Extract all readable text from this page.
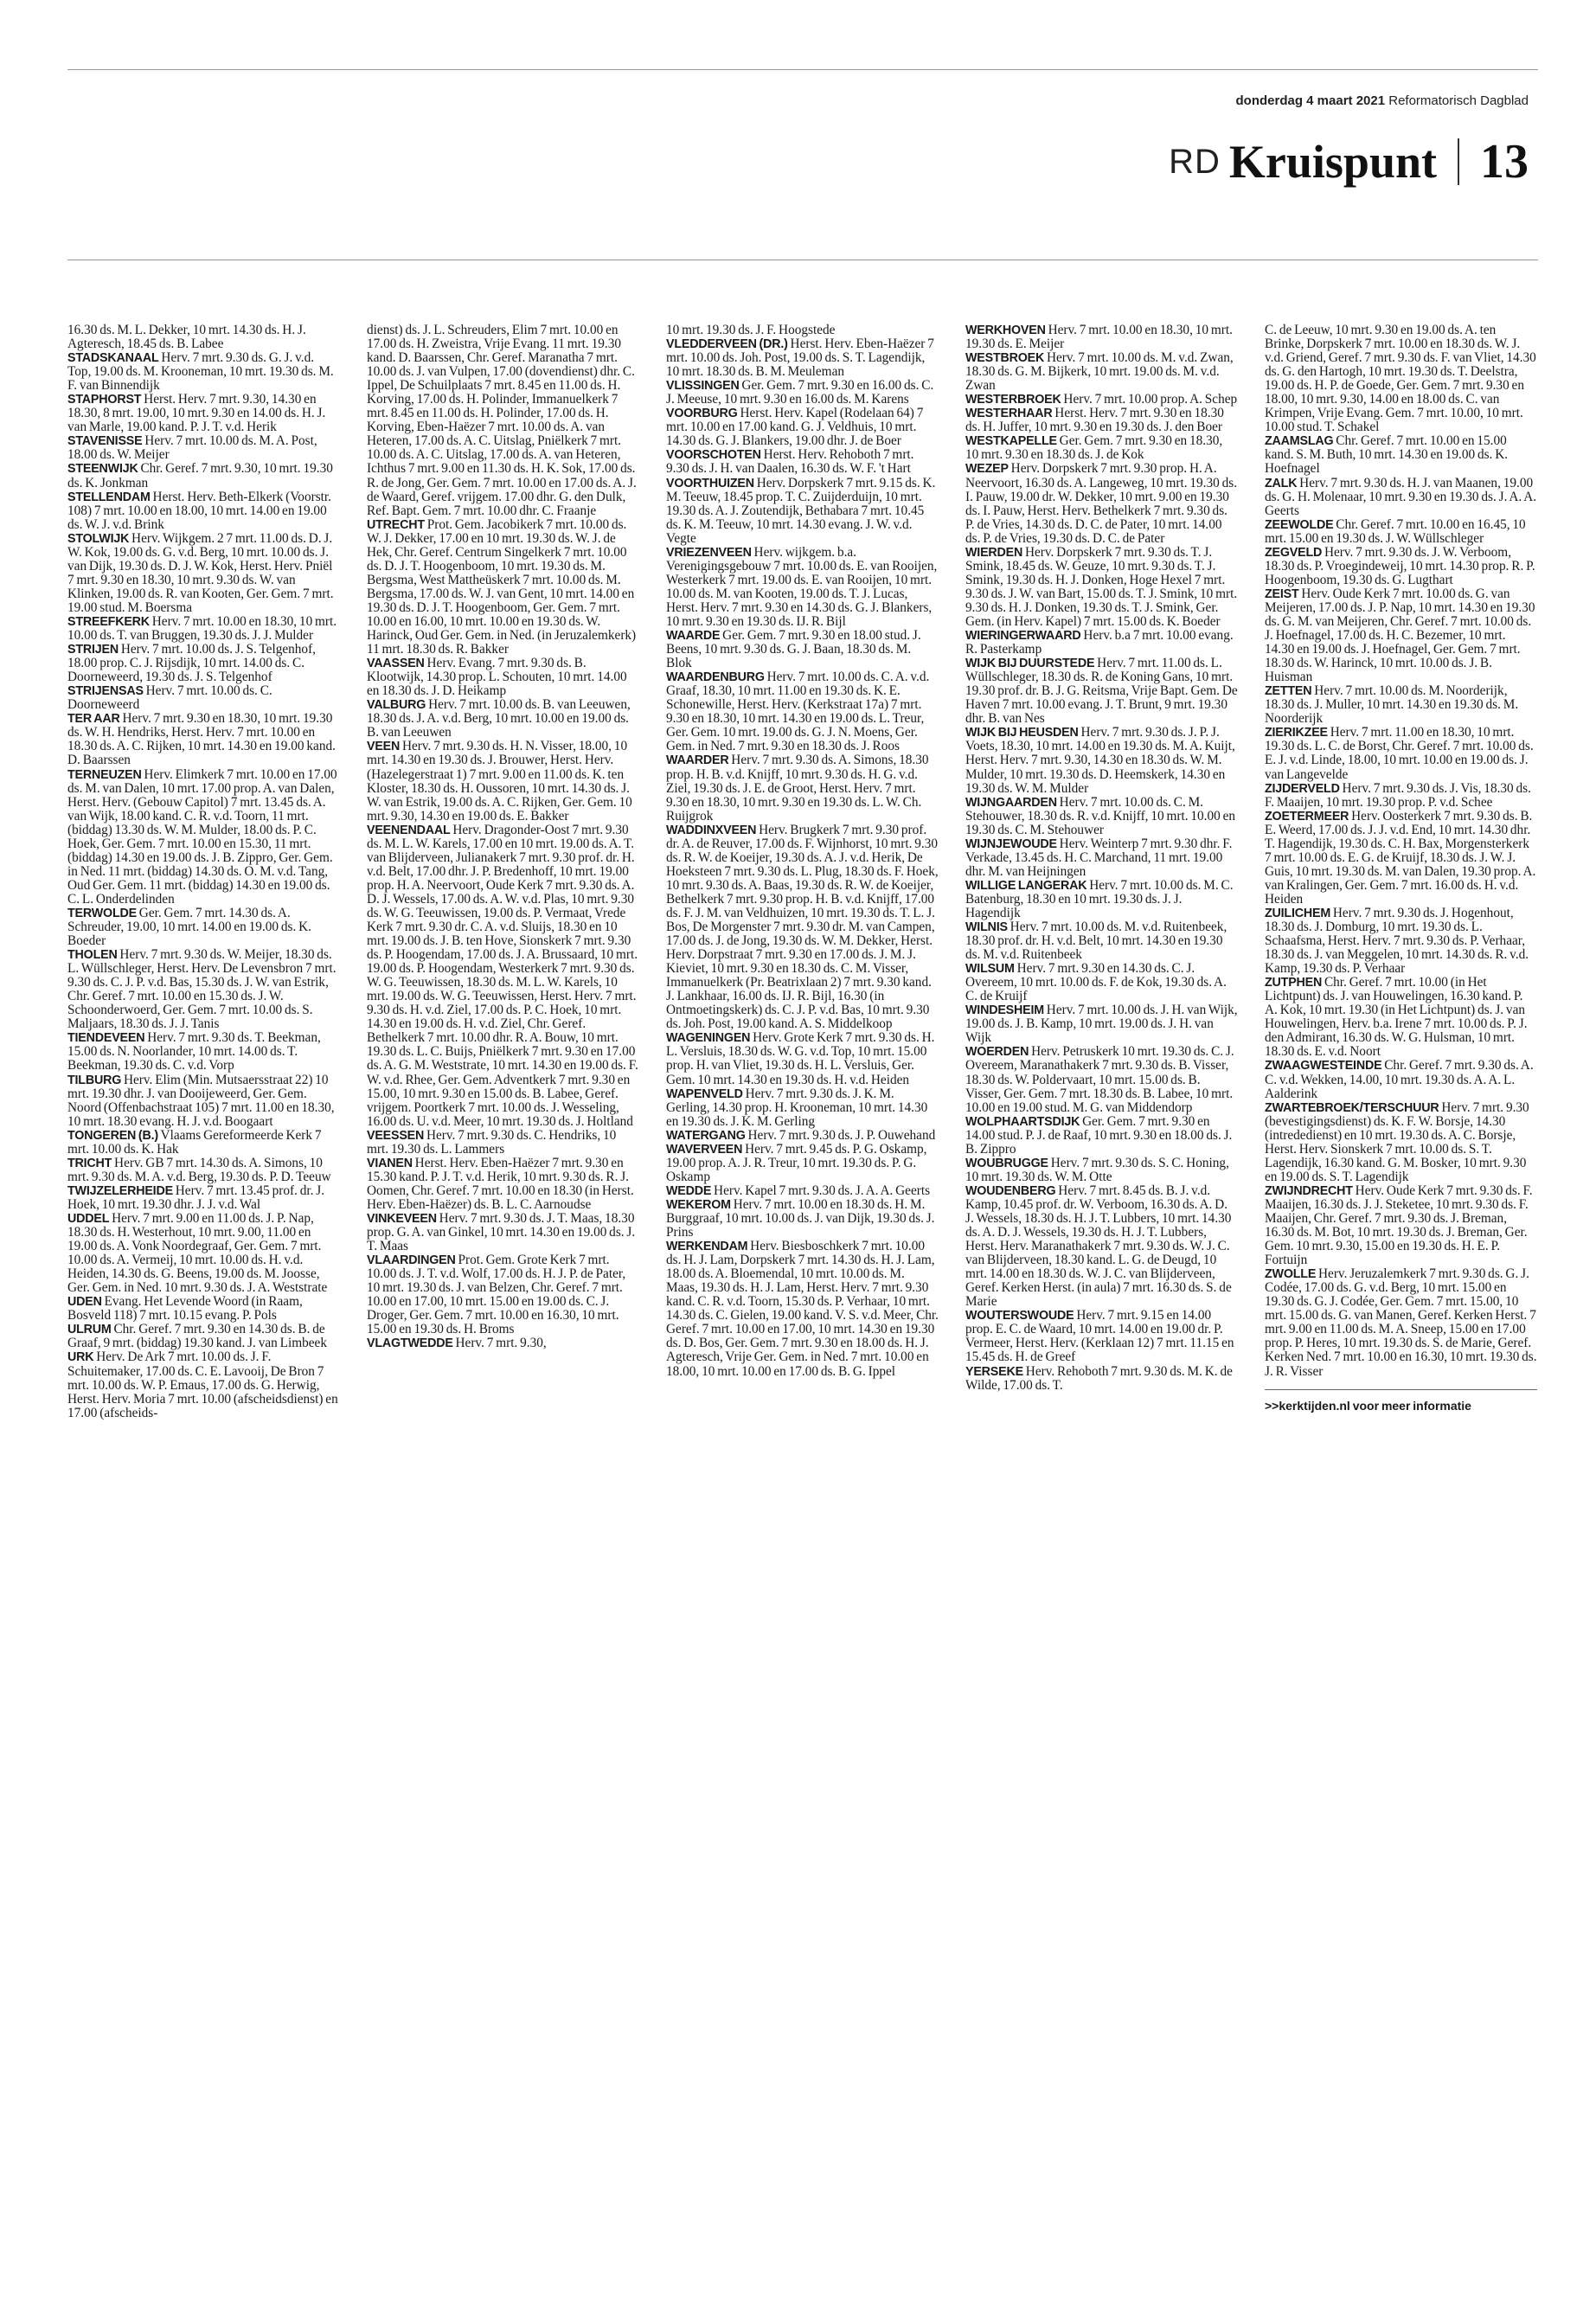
donderdag 4 maart 2021 Reformatorisch Dagblad
RD Kruispunt 13

16.30 ds. M. L. Dekker, 10 mrt. 14.30 ds. H. J. Agteresch, 18.45 ds. B. Labee

STADSKANAAL Herv. 7 mrt. 9.30 ds. G. J. v.d. Top, 19.00 ds. M. Krooneman, 10 mrt. 19.30 ds. M. F. van Binnendijk

STAPHORST Herst. Herv. 7 mrt. 9.30, 14.30 en 18.30, 8 mrt. 19.00, 10 mrt. 9.30 en 14.00 ds. H. J. van Marle, 19.00 kand. P. J. T. v.d. Herik

STAVENISSE Herv. 7 mrt. 10.00 ds. M. A. Post, 18.00 ds. W. Meijer

STEENWIJK Chr. Geref. 7 mrt. 9.30, 10 mrt. 19.30 ds. K. Jonkman

STELLENDAM Herst. Herv. Beth-Elkerk (Voorstr. 108) 7 mrt. 10.00 en 18.00, 10 mrt. 14.00 en 19.00 ds. W. J. v.d. Brink

STOLWIJK Herv. Wijkgem. 2 7 mrt. 11.00 ds. D. J. W. Kok, 19.00 ds. G. v.d. Berg, 10 mrt. 10.00 ds. J. van Dijk, 19.30 ds. D. J. W. Kok, Herst. Herv. Pniël 7 mrt. 9.30 en 18.30, 10 mrt. 9.30 ds. W. van Klinken, 19.00 ds. R. van Kooten, Ger. Gem. 7 mrt. 19.00 stud. M. Boersma

STREEFKERK Herv. 7 mrt. 10.00 en 18.30, 10 mrt. 10.00 ds. T. van Bruggen, 19.30 ds. J. J. Mulder

STRIJEN Herv. 7 mrt. 10.00 ds. J. S. Telgenhof, 18.00 prop. C. J. Rijsdijk, 10 mrt. 14.00 ds. C. Doorneweerd, 19.30 ds. J. S. Telgenhof

STRIJENSAS Herv. 7 mrt. 10.00 ds. C. Doorneweerd

TER AAR Herv. 7 mrt. 9.30 en 18.30, 10 mrt. 19.30 ds. W. H. Hendriks, Herst. Herv. 7 mrt. 10.00 en 18.30 ds. A. C. Rijken, 10 mrt. 14.30 en 19.00 kand. D. Baarssen

TERNEUZEN Herv. Elimkerk 7 mrt. 10.00 en 17.00 ds. M. van Dalen, 10 mrt. 17.00 prop. A. van Dalen, Herst. Herv. (Gebouw Capitol) 7 mrt. 13.45 ds. A. van Wijk, 18.00 kand. C. R. v.d. Toorn, 11 mrt. (biddag) 13.30 ds. W. M. Mulder, 18.00 ds. P. C. Hoek, Ger. Gem. 7 mrt. 10.00 en 15.30, 11 mrt. (biddag) 14.30 en 19.00 ds. J. B. Zippro, Ger. Gem. in Ned. 11 mrt. (biddag) 14.30 ds. O. M. v.d. Tang, Oud Ger. Gem. 11 mrt. (biddag) 14.30 en 19.00 ds. C. L. Onderdelinden

TERWOLDE Ger. Gem. 7 mrt. 14.30 ds. A. Schreuder, 19.00, 10 mrt. 14.00 en 19.00 ds. K. Boeder

THOLEN Herv. 7 mrt. 9.30 ds. W. Meijer, 18.30 ds. L. Wüllschleger, Herst. Herv. De Levensbron 7 mrt. 9.30 ds. C. J. P. v.d. Bas, 15.30 ds. J. W. van Estrik, Chr. Geref. 7 mrt. 10.00 en 15.30 ds. J. W. Schoonderwoerd, Ger. Gem. 7 mrt. 10.00 ds. S. Maljaars, 18.30 ds. J. J. Tanis

TIENDEVEEN Herv. 7 mrt. 9.30 ds. T. Beekman, 15.00 ds. N. Noorlander, 10 mrt. 14.00 ds. T. Beekman, 19.30 ds. C. v.d. Vorp

TILBURG Herv. Elim (Min. Mutsaersstraat 22) 10 mrt. 19.30 dhr. J. van Dooijeweerd, Ger. Gem. Noord (Offenbachstraat 105) 7 mrt. 11.00 en 18.30, 10 mrt. 18.30 evang. H. J. v.d. Boogaart

TONGEREN (B.) Vlaams Gereformeerde Kerk 7 mrt. 10.00 ds. K. Hak

TRICHT Herv. GB 7 mrt. 14.30 ds. A. Simons, 10 mrt. 9.30 ds. M. A. v.d. Berg, 19.30 ds. P. D. Teeuw

TWIJZELERHEIDE Herv. 7 mrt. 13.45 prof. dr. J. Hoek, 10 mrt. 19.30 dhr. J. J. v.d. Wal

UDDEL Herv. 7 mrt. 9.00 en 11.00 ds. J. P. Nap, 18.30 ds. H. Westerhout, 10 mrt. 9.00, 11.00 en 19.00 ds. A. Vonk Noordegraaf, Ger. Gem. 7 mrt. 10.00 ds. A. Vermeij, 10 mrt. 10.00 ds. H. v.d. Heiden, 14.30 ds. G. Beens, 19.00 ds. M. Joosse, Ger. Gem. in Ned. 10 mrt. 9.30 ds. J. A. Weststrate

UDEN Evang. Het Levende Woord (in Raam, Bosveld 118) 7 mrt. 10.15 evang. P. Pols

ULRUM Chr. Geref. 7 mrt. 9.30 en 14.30 ds. B. de Graaf, 9 mrt. (biddag) 19.30 kand. J. van Limbeek

URK Herv. De Ark 7 mrt. 10.00 ds. J. F. Schuitemaker, 17.00 ds. C. E. Lavooij, De Bron 7 mrt. 10.00 ds. W. P. Emaus, 17.00 ds. G. Herwig, Herst. Herv. Moria 7 mrt. 10.00 (afscheidsdienst) en 17.00 (afscheids-

dienst) ds. J. L. Schreuders, Elim 7 mrt. 10.00 en 17.00 ds. H. Zweistra, Vrije Evang. 11 mrt. 19.30 kand. D. Baarssen, Chr. Geref. Maranatha 7 mrt. 10.00 ds. J. van Vulpen, 17.00 (dovendienst) dhr. C. Ippel, De Schuilplaats 7 mrt. 8.45 en 11.00 ds. H. Korving, 17.00 ds. H. Polinder, Immanuelkerk 7 mrt. 8.45 en 11.00 ds. H. Polinder, 17.00 ds. H. Korving, Eben-Haëzer 7 mrt. 10.00 ds. A. van Heteren, 17.00 ds. A. C. Uitslag, Pniëlkerk 7 mrt. 10.00 ds. A. C. Uitslag, 17.00 ds. A. van Heteren, Ichthus 7 mrt. 9.00 en 11.30 ds. H. K. Sok, 17.00 ds. R. de Jong, Ger. Gem. 7 mrt. 10.00 en 17.00 ds. A. J. de Waard, Geref. vrijgem. 17.00 dhr. G. den Dulk, Ref. Bapt. Gem. 7 mrt. 10.00 dhr. C. Fraanje

UTRECHT Prot. Gem. Jacobikerk 7 mrt. 10.00 ds. W. J. Dekker, 17.00 en 10 mrt. 19.30 ds. W. J. de Hek, Chr. Geref. Centrum Singelkerk 7 mrt. 10.00 ds. D. J. T. Hoogenboom, 10 mrt. 19.30 ds. M. Bergsma, West Mattheüskerk 7 mrt. 10.00 ds. M. Bergsma, 17.00 ds. W. J. van Gent, 10 mrt. 14.00 en 19.30 ds. D. J. T. Hoogenboom, Ger. Gem. 7 mrt. 10.00 en 16.00, 10 mrt. 10.00 en 19.30 ds. W. Harinck, Oud Ger. Gem. in Ned. (in Jeruzalemkerk) 11 mrt. 18.30 ds. R. Bakker

VAASSEN Herv. Evang. 7 mrt. 9.30 ds. B. Klootwijk, 14.30 prop. L. Schouten, 10 mrt. 14.00 en 18.30 ds. J. D. Heikamp

VALBURG Herv. 7 mrt. 10.00 ds. B. van Leeuwen, 18.30 ds. J. A. v.d. Berg, 10 mrt. 10.00 en 19.00 ds. B. van Leeuwen

VEEN Herv. 7 mrt. 9.30 ds. H. N. Visser, 18.00, 10 mrt. 14.30 en 19.30 ds. J. Brouwer, Herst. Herv. (Hazelegerstraat 1) 7 mrt. 9.00 en 11.00 ds. K. ten Kloster, 18.30 ds. H. Oussoren, 10 mrt. 14.30 ds. J. W. van Estrik, 19.00 ds. A. C. Rijken, Ger. Gem. 10 mrt. 9.30, 14.30 en 19.00 ds. E. Bakker

VEENENDAAL Herv. Dragonder-Oost 7 mrt. 9.30 ds. M. L. W. Karels, 17.00 en 10 mrt. 19.00 ds. A. T. van Blijderveen, Julianakerk 7 mrt. 9.30 prof. dr. H. v.d. Belt, 17.00 dhr. J. P. Bredenhoff, 10 mrt. 19.00 prop. H. A. Neervoort, Oude Kerk 7 mrt. 9.30 ds. A. D. J. Wessels, 17.00 ds. A. W. v.d. Plas, 10 mrt. 9.30 ds. W. G. Teeuwissen, 19.00 ds. P. Vermaat, Vrede Kerk 7 mrt. 9.30 dr. C. A. v.d. Sluijs, 18.30 en 10 mrt. 19.00 ds. J. B. ten Hove, Sionskerk 7 mrt. 9.30 ds. P. Hoogendam, 17.00 ds. J. A. Brussaard, 10 mrt. 19.00 ds. P. Hoogendam, Westerkerk 7 mrt. 9.30 ds. W. G. Teeuwissen, 18.30 ds. M. L. W. Karels, 10 mrt. 19.00 ds. W. G. Teeuwissen, Herst. Herv. 7 mrt. 9.30 ds. H. v.d. Ziel, 17.00 ds. P. C. Hoek, 10 mrt. 14.30 en 19.00 ds. H. v.d. Ziel, Chr. Geref. Bethelkerk 7 mrt. 10.00 dhr. R. A. Bouw, 10 mrt. 19.30 ds. L. C. Buijs, Pniëlkerk 7 mrt. 9.30 en 17.00 ds. A. G. M. Weststrate, 10 mrt. 14.30 en 19.00 ds. F. W. v.d. Rhee, Ger. Gem. Adventkerk 7 mrt. 9.30 en 15.00, 10 mrt. 9.30 en 15.00 ds. B. Labee, Geref. vrijgem. Poortkerk 7 mrt. 10.00 ds. J. Wesseling, 16.00 ds. U. v.d. Meer, 10 mrt. 19.30 ds. J. Holtland

VEESSEN Herv. 7 mrt. 9.30 ds. C. Hendriks, 10 mrt. 19.30 ds. L. Lammers

VIANEN Herst. Herv. Eben-Haëzer 7 mrt. 9.30 en 15.30 kand. P. J. T. v.d. Herik, 10 mrt. 9.30 ds. R. J. Oomen, Chr. Geref. 7 mrt. 10.00 en 18.30 (in Herst. Herv. Eben-Haëzer) ds. B. L. C. Aarnoudse

VINKEVEEN Herv. 7 mrt. 9.30 ds. J. T. Maas, 18.30 prop. G. A. van Ginkel, 10 mrt. 14.30 en 19.00 ds. J. T. Maas

VLAARDINGEN Prot. Gem. Grote Kerk 7 mrt. 10.00 ds. J. T. v.d. Wolf, 17.00 ds. H. J. P. de Pater, 10 mrt. 19.30 ds. J. van Belzen, Chr. Geref. 7 mrt. 10.00 en 17.00, 10 mrt. 15.00 en 19.00 ds. C. J. Droger, Ger. Gem. 7 mrt. 10.00 en 16.30, 10 mrt. 15.00 en 19.30 ds. H. Broms

VLAGTWEDDE Herv. 7 mrt. 9.30,

10 mrt. 19.30 ds. J. F. Hoogstede

VLEDDERVEEN (DR.) Herst. Herv. Eben-Haëzer 7 mrt. 10.00 ds. Joh. Post, 19.00 ds. S. T. Lagendijk, 10 mrt. 18.30 ds. B. M. Meuleman

VLISSINGEN Ger. Gem. 7 mrt. 9.30 en 16.00 ds. C. J. Meeuse, 10 mrt. 9.30 en 16.00 ds. M. Karens

VOORBURG Herst. Herv. Kapel (Rodelaan 64) 7 mrt. 10.00 en 17.00 kand. G. J. Veldhuis, 10 mrt. 14.30 ds. G. J. Blankers, 19.00 dhr. J. de Boer

VOORSCHOTEN Herst. Herv. Rehoboth 7 mrt. 9.30 ds. J. H. van Daalen, 16.30 ds. W. F. 't Hart

VOORTHUIZEN Herv. Dorpskerk 7 mrt. 9.15 ds. K. M. Teeuw, 18.45 prop. T. C. Zuijderduijn, 10 mrt. 19.30 ds. A. J. Zoutendijk, Bethabara 7 mrt. 10.45 ds. K. M. Teeuw, 10 mrt. 14.30 evang. J. W. v.d. Vegte

VRIEZENVEEN Herv. wijkgem. b.a. Verenigingsgebouw 7 mrt. 10.00 ds. E. van Rooijen, Westerkerk 7 mrt. 19.00 ds. E. van Rooijen, 10 mrt. 10.00 ds. M. van Kooten, 19.00 ds. T. J. Lucas, Herst. Herv. 7 mrt. 9.30 en 14.30 ds. G. J. Blankers, 10 mrt. 9.30 en 19.30 ds. IJ. R. Bijl

WAARDE Ger. Gem. 7 mrt. 9.30 en 18.00 stud. J. Beens, 10 mrt. 9.30 ds. G. J. Baan, 18.30 ds. M. Blok

WAARDENBURG Herv. 7 mrt. 10.00 ds. C. A. v.d. Graaf, 18.30, 10 mrt. 11.00 en 19.30 ds. K. E. Schonewille, Herst. Herv. (Kerkstraat 17a) 7 mrt. 9.30 en 18.30, 10 mrt. 14.30 en 19.00 ds. L. Treur, Ger. Gem. 10 mrt. 19.00 ds. G. J. N. Moens, Ger. Gem. in Ned. 7 mrt. 9.30 en 18.30 ds. J. Roos

WAARDER Herv. 7 mrt. 9.30 ds. A. Simons, 18.30 prop. H. B. v.d. Knijff, 10 mrt. 9.30 ds. H. G. v.d. Ziel, 19.30 ds. J. E. de Groot, Herst. Herv. 7 mrt. 9.30 en 18.30, 10 mrt. 9.30 en 19.30 ds. L. W. Ch. Ruijgrok

WADDINXVEEN Herv. Brugkerk 7 mrt. 9.30 prof. dr. A. de Reuver, 17.00 ds. F. Wijnhorst, 10 mrt. 9.30 ds. R. W. de Koeijer, 19.30 ds. A. J. v.d. Herik, De Hoeksteen 7 mrt. 9.30 ds. L. Plug, 18.30 ds. F. Hoek, 10 mrt. 9.30 ds. A. Baas, 19.30 ds. R. W. de Koeijer, Bethelkerk 7 mrt. 9.30 prop. H. B. v.d. Knijff, 17.00 ds. F. J. M. van Veldhuizen, 10 mrt. 19.30 ds. T. L. J. Bos, De Morgenster 7 mrt. 9.30 dr. M. van Campen, 17.00 ds. J. de Jong, 19.30 ds. W. M. Dekker, Herst. Herv. Dorpstraat 7 mrt. 9.30 en 17.00 ds. J. M. J. Kieviet, 10 mrt. 9.30 en 18.30 ds. C. M. Visser, Immanuelkerk (Pr. Beatrixlaan 2) 7 mrt. 9.30 kand. J. Lankhaar, 16.00 ds. IJ. R. Bijl, 16.30 (in Ontmoetingskerk) ds. C. J. P. v.d. Bas, 10 mrt. 9.30 ds. Joh. Post, 19.00 kand. A. S. Middelkoop

WAGENINGEN Herv. Grote Kerk 7 mrt. 9.30 ds. H. L. Versluis, 18.30 ds. W. G. v.d. Top, 10 mrt. 15.00 prop. H. van Vliet, 19.30 ds. H. L. Versluis, Ger. Gem. 10 mrt. 14.30 en 19.30 ds. H. v.d. Heiden

WAPENVELD Herv. 7 mrt. 9.30 ds. J. K. M. Gerling, 14.30 prop. H. Krooneman, 10 mrt. 14.30 en 19.30 ds. J. K. M. Gerling

WATERGANG Herv. 7 mrt. 9.30 ds. J. P. Ouwehand

WAVERVEEN Herv. 7 mrt. 9.45 ds. P. G. Oskamp, 19.00 prop. A. J. R. Treur, 10 mrt. 19.30 ds. P. G. Oskamp

WEDDE Herv. Kapel 7 mrt. 9.30 ds. J. A. A. Geerts

WEKEROM Herv. 7 mrt. 10.00 en 18.30 ds. H. M. Burggraaf, 10 mrt. 10.00 ds. J. van Dijk, 19.30 ds. J. Prins

WERKENDAM Herv. Biesboschkerk 7 mrt. 10.00 ds. H. J. Lam, Dorpskerk 7 mrt. 14.30 ds. H. J. Lam, 18.00 ds. A. Bloemendal, 10 mrt. 10.00 ds. M. Maas, 19.30 ds. H. J. Lam, Herst. Herv. 7 mrt. 9.30 kand. C. R. v.d. Toorn, 15.30 ds. P. Verhaar, 10 mrt. 14.30 ds. C. Gielen, 19.00 kand. V. S. v.d. Meer, Chr. Geref. 7 mrt. 10.00 en 17.00, 10 mrt. 14.30 en 19.30 ds. D. Bos, Ger. Gem. 7 mrt. 9.30 en 18.00 ds. H. J. Agteresch, Vrije Ger. Gem. in Ned. 7 mrt. 10.00 en 18.00, 10 mrt. 10.00 en 17.00 ds. B. G. Ippel

WERKHOVEN Herv. 7 mrt. 10.00 en 18.30, 10 mrt. 19.30 ds. E. Meijer

WESTBROEK Herv. 7 mrt. 10.00 ds. M. v.d. Zwan, 18.30 ds. G. M. Bijkerk, 10 mrt. 19.00 ds. M. v.d. Zwan

WESTERBROEK Herv. 7 mrt. 10.00 prop. A. Schep

WESTERHAAR Herst. Herv. 7 mrt. 9.30 en 18.30 ds. H. Juffer, 10 mrt. 9.30 en 19.30 ds. J. den Boer

WESTKAPELLE Ger. Gem. 7 mrt. 9.30 en 18.30, 10 mrt. 9.30 en 18.30 ds. J. de Kok

WEZEP Herv. Dorpskerk 7 mrt. 9.30 prop. H. A. Neervoort, 16.30 ds. A. Langeweg, 10 mrt. 19.30 ds. I. Pauw, 19.00 dr. W. Dekker, 10 mrt. 9.00 en 19.30 ds. I. Pauw, Herst. Herv. Bethelkerk 7 mrt. 9.30 ds. P. de Vries, 14.30 ds. D. C. de Pater, 10 mrt. 14.00 ds. P. de Vries, 19.30 ds. D. C. de Pater

WIERDEN Herv. Dorpskerk 7 mrt. 9.30 ds. T. J. Smink, 18.45 ds. W. Geuze, 10 mrt. 9.30 ds. T. J. Smink, 19.30 ds. H. J. Donken, Hoge Hexel 7 mrt. 9.30 ds. J. W. van Bart, 15.00 ds. T. J. Smink, 10 mrt. 9.30 ds. H. J. Donken, 19.30 ds. T. J. Smink, Ger. Gem. (in Herv. Kapel) 7 mrt. 15.00 ds. K. Boeder

WIERINGERWAARD Herv. b.a 7 mrt. 10.00 evang. R. Pasterkamp

WIJK BIJ DUURSTEDE Herv. 7 mrt. 11.00 ds. L. Wüllschleger, 18.30 ds. R. de Koning Gans, 10 mrt. 19.30 prof. dr. B. J. G. Reitsma, Vrije Bapt. Gem. De Haven 7 mrt. 10.00 evang. J. T. Brunt, 9 mrt. 19.30 dhr. B. van Nes

WIJK BIJ HEUSDEN Herv. 7 mrt. 9.30 ds. J. P. J. Voets, 18.30, 10 mrt. 14.00 en 19.30 ds. M. A. Kuijt, Herst. Herv. 7 mrt. 9.30, 14.30 en 18.30 ds. W. M. Mulder, 10 mrt. 19.30 ds. D. Heemskerk, 14.30 en 19.30 ds. W. M. Mulder

WIJNGAARDEN Herv. 7 mrt. 10.00 ds. C. M. Stehouwer, 18.30 ds. R. v.d. Knijff, 10 mrt. 10.00 en 19.30 ds. C. M. Stehouwer

WIJNJEWOUDE Herv. Weinterp 7 mrt. 9.30 dhr. F. Verkade, 13.45 ds. H. C. Marchand, 11 mrt. 19.00 dhr. M. van Heijningen

WILLIGE LANGERAK Herv. 7 mrt. 10.00 ds. M. C. Batenburg, 18.30 en 10 mrt. 19.30 ds. J. J. Hagendijk

WILNIS Herv. 7 mrt. 10.00 ds. M. v.d. Ruitenbeek, 18.30 prof. dr. H. v.d. Belt, 10 mrt. 14.30 en 19.30 ds. M. v.d. Ruitenbeek

WILSUM Herv. 7 mrt. 9.30 en 14.30 ds. C. J. Overeem, 10 mrt. 10.00 ds. F. de Kok, 19.30 ds. A. C. de Kruijf

WINDESHEIM Herv. 7 mrt. 10.00 ds. J. H. van Wijk, 19.00 ds. J. B. Kamp, 10 mrt. 19.00 ds. J. H. van Wijk

WOERDEN Herv. Petruskerk 10 mrt. 19.30 ds. C. J. Overeem, Maranathakerk 7 mrt. 9.30 ds. B. Visser, 18.30 ds. W. Poldervaart, 10 mrt. 15.00 ds. B. Visser, Ger. Gem. 7 mrt. 18.30 ds. B. Labee, 10 mrt. 10.00 en 19.00 stud. M. G. van Middendorp

WOLPHAARTSDIJK Ger. Gem. 7 mrt. 9.30 en 14.00 stud. P. J. de Raaf, 10 mrt. 9.30 en 18.00 ds. J. B. Zippro

WOUBRUGGE Herv. 7 mrt. 9.30 ds. S. C. Honing, 10 mrt. 19.30 ds. W. M. Otte

WOUDENBERG Herv. 7 mrt. 8.45 ds. B. J. v.d. Kamp, 10.45 prof. dr. W. Verboom, 16.30 ds. A. D. J. Wessels, 18.30 ds. H. J. T. Lubbers, 10 mrt. 14.30 ds. A. D. J. Wessels, 19.30 ds. H. J. T. Lubbers, Herst. Herv. Maranathakerk 7 mrt. 9.30 ds. W. J. C. van Blijderveen, 18.30 kand. L. G. de Deugd, 10 mrt. 14.00 en 18.30 ds. W. J. C. van Blijderveen, Geref. Kerken Herst. (in aula) 7 mrt. 16.30 ds. S. de Marie

WOUTERSWOUDE Herv. 7 mrt. 9.15 en 14.00 prop. E. C. de Waard, 10 mrt. 14.00 en 19.00 dr. P. Vermeer, Herst. Herv. (Kerklaan 12) 7 mrt. 11.15 en 15.45 ds. H. de Greef

YERSEKE Herv. Rehoboth 7 mrt. 9.30 ds. M. K. de Wilde, 17.00 ds. T.

C. de Leeuw, 10 mrt. 9.30 en 19.00 ds. A. ten Brinke, Dorpskerk 7 mrt. 10.00 en 18.30 ds. W. J. v.d. Griend, Geref. 7 mrt. 9.30 ds. F. van Vliet, 14.30 ds. G. den Hartogh, 10 mrt. 19.30 ds. T. Deelstra, 19.00 ds. H. P. de Goede, Ger. Gem. 7 mrt. 9.30 en 18.00, 10 mrt. 9.30, 14.00 en 18.00 ds. C. van Krimpen, Vrije Evang. Gem. 7 mrt. 10.00, 10 mrt. 10.00 stud. T. Schakel

ZAAMSLAG Chr. Geref. 7 mrt. 10.00 en 15.00 kand. S. M. Buth, 10 mrt. 14.30 en 19.00 ds. K. Hoefnagel

ZALK Herv. 7 mrt. 9.30 ds. H. J. van Maanen, 19.00 ds. G. H. Molenaar, 10 mrt. 9.30 en 19.30 ds. J. A. A. Geerts

ZEEWOLDE Chr. Geref. 7 mrt. 10.00 en 16.45, 10 mrt. 15.00 en 19.30 ds. J. W. Wüllschleger

ZEGVELD Herv. 7 mrt. 9.30 ds. J. W. Verboom, 18.30 ds. P. Vroegindeweij, 10 mrt. 14.30 prop. R. P. Hoogenboom, 19.30 ds. G. Lugthart

ZEIST Herv. Oude Kerk 7 mrt. 10.00 ds. G. van Meijeren, 17.00 ds. J. P. Nap, 10 mrt. 14.30 en 19.30 ds. G. M. van Meijeren, Chr. Geref. 7 mrt. 10.00 ds. J. Hoefnagel, 17.00 ds. H. C. Bezemer, 10 mrt. 14.30 en 19.00 ds. J. Hoefnagel, Ger. Gem. 7 mrt. 18.30 ds. W. Harinck, 10 mrt. 10.00 ds. J. B. Huisman

ZETTEN Herv. 7 mrt. 10.00 ds. M. Noorderijk, 18.30 ds. J. Muller, 10 mrt. 14.30 en 19.30 ds. M. Noorderijk

ZIERIKZEE Herv. 7 mrt. 11.00 en 18.30, 10 mrt. 19.30 ds. L. C. de Borst, Chr. Geref. 7 mrt. 10.00 ds. E. J. v.d. Linde, 18.00, 10 mrt. 10.00 en 19.00 ds. J. van Langevelde

ZIJDERVELD Herv. 7 mrt. 9.30 ds. J. Vis, 18.30 ds. F. Maaijen, 10 mrt. 19.30 prop. P. v.d. Schee

ZOETERMEER Herv. Oosterkerk 7 mrt. 9.30 ds. B. E. Weerd, 17.00 ds. J. J. v.d. End, 10 mrt. 14.30 dhr. T. Hagendijk, 19.30 ds. C. H. Bax, Morgensterkerk 7 mrt. 10.00 ds. E. G. de Kruijf, 18.30 ds. J. W. J. Guis, 10 mrt. 19.30 ds. M. van Dalen, 19.30 prop. A. van Kralingen, Ger. Gem. 7 mrt. 16.00 ds. H. v.d. Heiden

ZUILICHEM Herv. 7 mrt. 9.30 ds. J. Hogenhout, 18.30 ds. J. Domburg, 10 mrt. 19.30 ds. L. Schaafsma, Herst. Herv. 7 mrt. 9.30 ds. P. Verhaar, 18.30 ds. J. van Meggelen, 10 mrt. 14.30 ds. R. v.d. Kamp, 19.30 ds. P. Verhaar

ZUTPHEN Chr. Geref. 7 mrt. 10.00 (in Het Lichtpunt) ds. J. van Houwelingen, 16.30 kand. P. A. Kok, 10 mrt. 19.30 (in Het Lichtpunt) ds. J. van Houwelingen, Herv. b.a. Irene 7 mrt. 10.00 ds. P. J. den Admirant, 16.30 ds. W. G. Hulsman, 10 mrt. 18.30 ds. E. v.d. Noort

ZWAAGWESTEINDE Chr. Geref. 7 mrt. 9.30 ds. A. C. v.d. Wekken, 14.00, 10 mrt. 19.30 ds. A. A. L. Aalderink

ZWARTEBROEK/TERSCHUUR Herv. 7 mrt. 9.30 (bevestigingsdienst) ds. K. F. W. Borsje, 14.30 (intrededienst) en 10 mrt. 19.30 ds. A. C. Borsje, Herst. Herv. Sionskerk 7 mrt. 10.00 ds. S. T. Lagendijk, 16.30 kand. G. M. Bosker, 10 mrt. 9.30 en 19.00 ds. S. T. Lagendijk

ZWIJNDRECHT Herv. Oude Kerk 7 mrt. 9.30 ds. F. Maaijen, 16.30 ds. J. J. Steketee, 10 mrt. 9.30 ds. F. Maaijen, Chr. Geref. 7 mrt. 9.30 ds. J. Breman, 16.30 ds. M. Bot, 10 mrt. 19.30 ds. J. Breman, Ger. Gem. 10 mrt. 9.30, 15.00 en 19.30 ds. H. E. P. Fortuijn

ZWOLLE Herv. Jeruzalemkerk 7 mrt. 9.30 ds. G. J. Codée, 17.00 ds. G. v.d. Berg, 10 mrt. 15.00 en 19.30 ds. G. J. Codée, Ger. Gem. 7 mrt. 15.00, 10 mrt. 15.00 ds. G. van Manen, Geref. Kerken Herst. 7 mrt. 9.00 en 11.00 ds. M. A. Sneep, 15.00 en 17.00 prop. P. Heres, 10 mrt. 19.30 ds. S. de Marie, Geref. Kerken Ned. 7 mrt. 10.00 en 16.30, 10 mrt. 19.30 ds. J. R. Visser

>>kerktijden.nl voor meer informatie
